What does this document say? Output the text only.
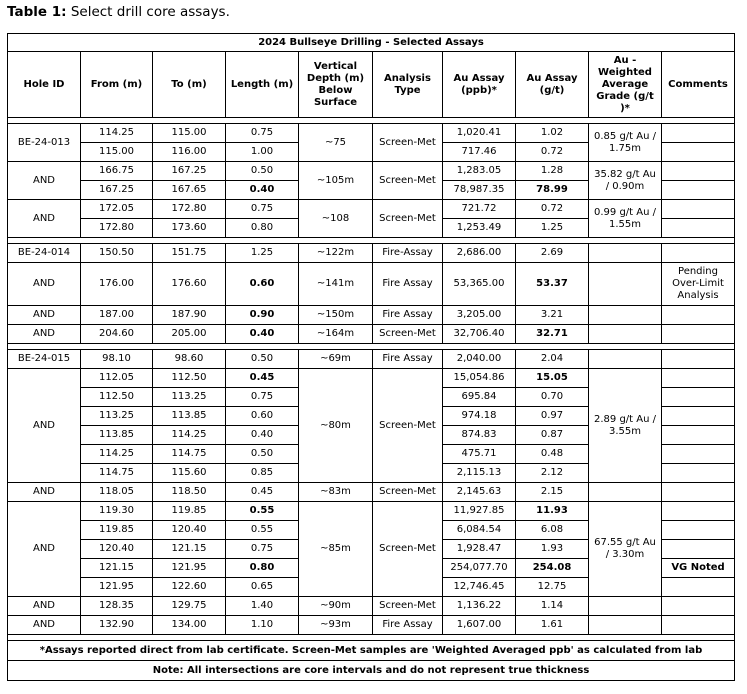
Table 1: Select drill core assays.
2024 Bullseye Drilling - Selected Assays									
Hole ID	From (m)	To (m)	Length (m)	Vertical Depth (m) Below Surface	Analysis Type	Au Assay (ppb)*	Au Assay (g/t)	Au - Weighted Average Grade (g/t )*	Comments

BE-24-013	114.25	115.00	0.75	~75	Screen-Met	1,020.41	1.02	0.85 g/t Au / 1.75m	
	115.00	116.00	1.00			717.46	0.72		
AND	166.75	167.25	0.50	~105m	Screen-Met	1,283.05	1.28	35.82 g/t Au / 0.90m	
	167.25	167.65	0.40			78,987.35	78.99		
AND	172.05	172.80	0.75	~108	Screen-Met	721.72	0.72	0.99 g/t Au / 1.55m	
	172.80	173.60	0.80			1,253.49	1.25		

BE-24-014	150.50	151.75	1.25	~122m	Fire-Assay	2,686.00	2.69		
AND	176.00	176.60	0.60	~141m	Fire Assay	53,365.00	53.37		Pending Over-Limit Analysis
AND	187.00	187.90	0.90	~150m	Fire Assay	3,205.00	3.21		
AND	204.60	205.00	0.40	~164m	Screen-Met	32,706.40	32.71		

BE-24-015	98.10	98.60	0.50	~69m	Fire Assay	2,040.00	2.04		
AND	112.05	112.50	0.45	~80m	Screen-Met	15,054.86	15.05	2.89 g/t Au / 3.55m	
	112.50	113.25	0.75			695.84	0.70		
	113.25	113.85	0.60			974.18	0.97		
	113.85	114.25	0.40			874.83	0.87		
	114.25	114.75	0.50			475.71	0.48		
	114.75	115.60	0.85			2,115.13	2.12		
AND	118.05	118.50	0.45	~83m	Screen-Met	2,145.63	2.15		
AND	119.30	119.85	0.55	~85m	Screen-Met	11,927.85	11.93	67.55 g/t Au / 3.30m	
	119.85	120.40	0.55			6,084.54	6.08		
	120.40	121.15	0.75			1,928.47	1.93		
	121.15	121.95	0.80			254,077.70	254.08		VG Noted
	121.95	122.60	0.65			12,746.45	12.75		
AND	128.35	129.75	1.40	~90m	Screen-Met	1,136.22	1.14		
AND	132.90	134.00	1.10	~93m	Fire Assay	1,607.00	1.61		

*Assays reported direct from lab certificate. Screen-Met samples are 'Weighted Averaged ppb' as calculated from lab									
Note: All intersections are core intervals and do not represent true thickness									
